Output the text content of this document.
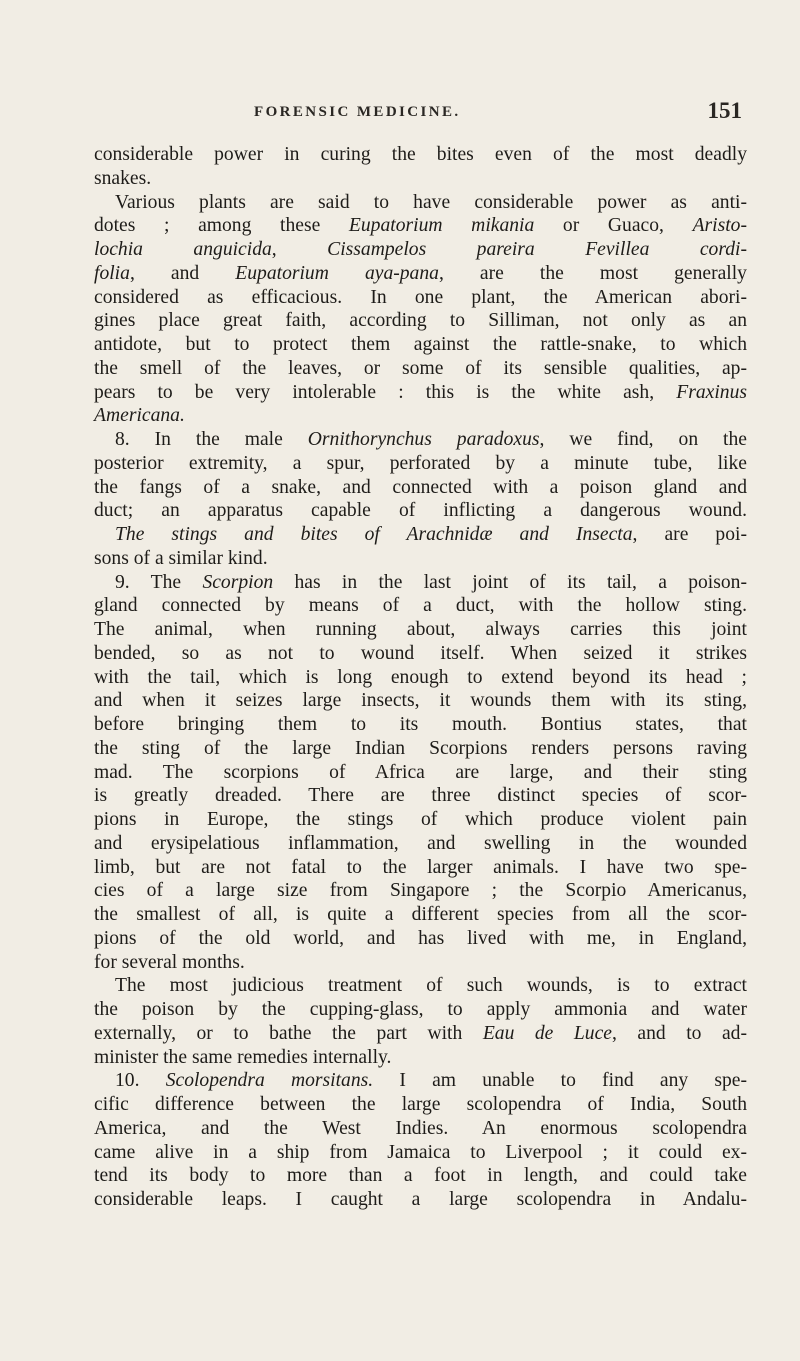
FORENSIC MEDICINE.	151
considerable power in curing the bites even of the most deadly
snakes.
Various plants are said to have considerable power as anti-
dotes ; among these Eupatorium mikania or Guaco, Aristo-
lochia anguicida, Cissampelos pareira Fevillea cordi-
folia, and Eupatorium aya-pana, are the most generally
considered as efficacious. In one plant, the American abori-
gines place great faith, according to Silliman, not only as an
antidote, but to protect them against the rattle-snake, to which
the smell of the leaves, or some of its sensible qualities, ap-
pears to be very intolerable : this is the white ash, Fraxinus
Americana.
8. In the male Ornithorynchus paradoxus, we find, on the
posterior extremity, a spur, perforated by a minute tube, like
the fangs of a snake, and connected with a poison gland and
duct; an apparatus capable of inflicting a dangerous wound.
The stings and bites of Arachnidæ and Insecta, are poi-
sons of a similar kind.
9. The Scorpion has in the last joint of its tail, a poison-
gland connected by means of a duct, with the hollow sting.
The animal, when running about, always carries this joint
bended, so as not to wound itself. When seized it strikes
with the tail, which is long enough to extend beyond its head ;
and when it seizes large insects, it wounds them with its sting,
before bringing them to its mouth. Bontius states, that
the sting of the large Indian Scorpions renders persons raving
mad. The scorpions of Africa are large, and their sting
is greatly dreaded. There are three distinct species of scor-
pions in Europe, the stings of which produce violent pain
and erysipelatious inflammation, and swelling in the wounded
limb, but are not fatal to the larger animals. I have two spe-
cies of a large size from Singapore ; the Scorpio Americanus,
the smallest of all, is quite a different species from all the scor-
pions of the old world, and has lived with me, in England,
for several months.
The most judicious treatment of such wounds, is to extract
the poison by the cupping-glass, to apply ammonia and water
externally, or to bathe the part with Eau de Luce, and to ad-
minister the same remedies internally.
10. Scolopendra morsitans. I am unable to find any spe-
cific difference between the large scolopendra of India, South
America, and the West Indies. An enormous scolopendra
came alive in a ship from Jamaica to Liverpool ; it could ex-
tend its body to more than a foot in length, and could take
considerable leaps. I caught a large scolopendra in Andalu-
